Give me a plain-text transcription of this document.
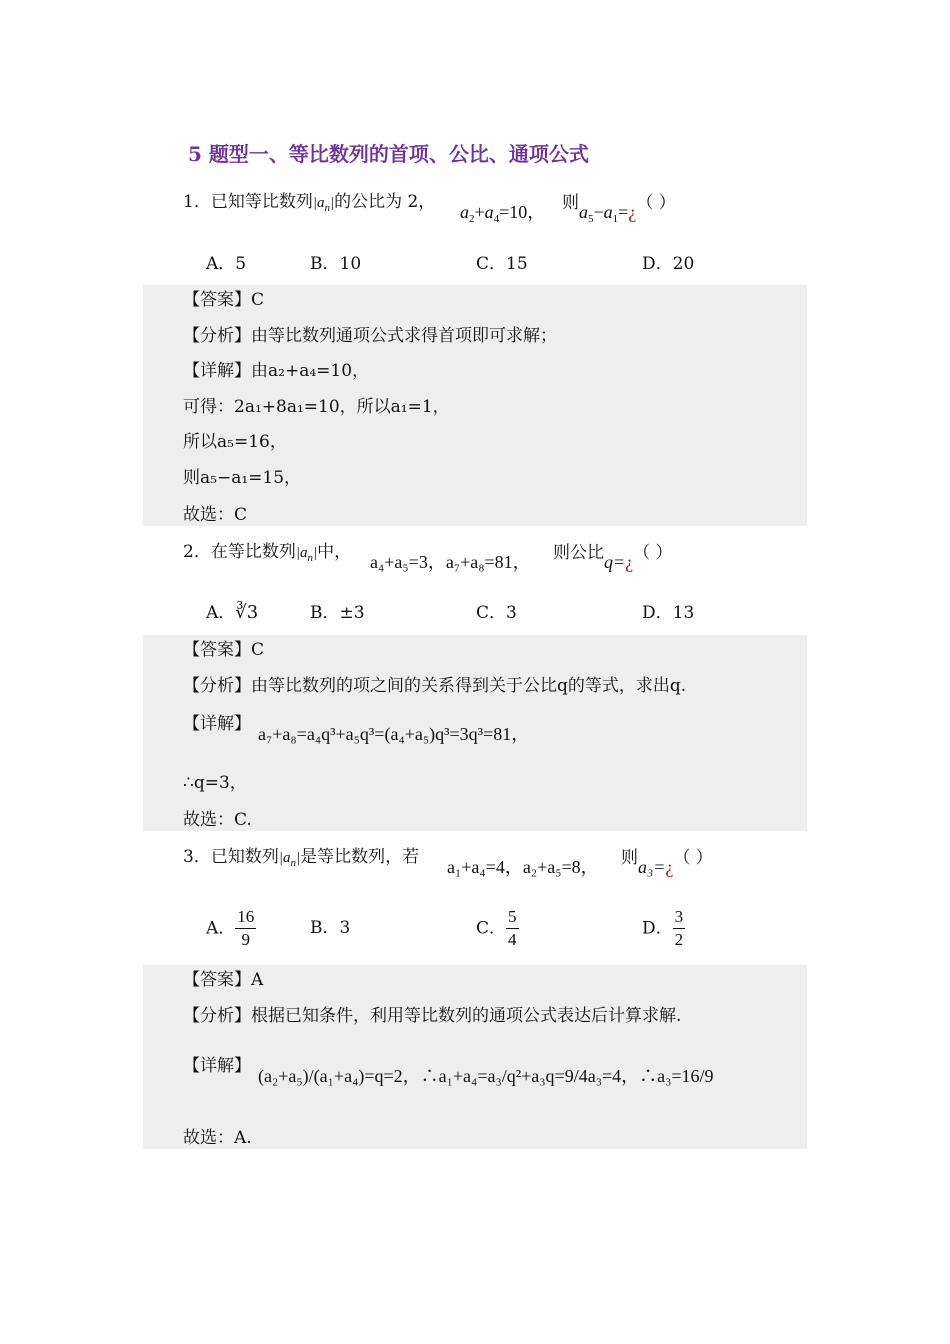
5 题型一、等比数列的首项、公比、通项公式
1．已知等比数列$|a_n|$的公比为 2， $a_2+a_4=10$， 则$a_5-a_1=¿$（ ）
A．5	B．10	C．15	D．20
【答案】C
【分析】由等比数列通项公式求得首项即可求解；
【详解】由a₂+a₄=10，
可得：2a₁+8a₁=10，所以a₁=1，
所以a₅=16，
则a₅−a₁=15，
故选：C
2．在等比数列$|a_n|$中， a₄+a₅=3，a₇+a₈=81， 则公比q=¿（ ）
A．∛3	B．±3	C．3	D．13
【答案】C
【分析】由等比数列的项之间的关系得到关于公比q的等式，求出q.
【详解】 a₇+a₈=a₄q³+a₅q³=(a₄+a₅)q³=3q³=81，
∴q=3，
故选：C.
3．已知数列$|a_n|$是等比数列，若 a₁+a₄=4，a₂+a₅=8， 则a₃=¿（ ）
A． $\frac{16}{9}$	B．3	C． $\frac{5}{4}$	D． $\frac{3}{2}$
【答案】A
【分析】根据已知条件，利用等比数列的通项公式表达后计算求解.
【详解】 (a₂+a₅)/(a₁+a₄)=q=2，∴a₁+a₄=a₃/q²+a₃q=9/4a₃=4，∴a₃=16/9
故选：A.
